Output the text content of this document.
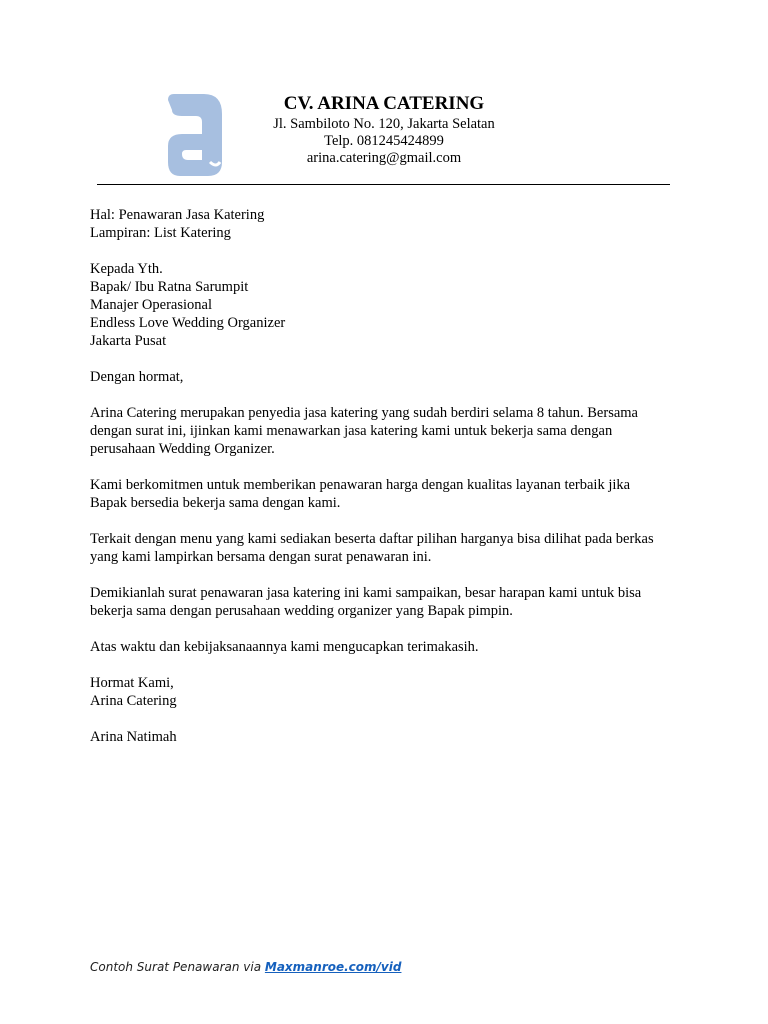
CV. ARINA CATERING

Jl. Sambiloto No. 120, Jakarta Selatan

Telp. 081245424899

arina.catering@gmail.com

Hal: Penawaran Jasa Katering

Lampiran: List Katering

Kepada Yth.

Bapak/ Ibu Ratna Sarumpit

Manajer Operasional

Endless Love Wedding Organizer

Jakarta Pusat

Dengan hormat,

Arina Catering merupakan penyedia jasa katering yang sudah berdiri selama 8 tahun. Bersama

dengan surat ini, ijinkan kami menawarkan jasa katering kami untuk bekerja sama dengan

perusahaan Wedding Organizer.

Kami berkomitmen untuk memberikan penawaran harga dengan kualitas layanan terbaik jika

Bapak bersedia bekerja sama dengan kami.

Terkait dengan menu yang kami sediakan beserta daftar pilihan harganya bisa dilihat pada berkas

yang kami lampirkan bersama dengan surat penawaran ini.

Demikianlah surat penawaran jasa katering ini kami sampaikan, besar harapan kami untuk bisa

bekerja sama dengan perusahaan wedding organizer yang Bapak pimpin.

Atas waktu dan kebijaksanaannya kami mengucapkan terimakasih.

Hormat Kami,

Arina Catering

Arina Natimah

Contoh Surat Penawaran via Maxmanroe.com/vid
